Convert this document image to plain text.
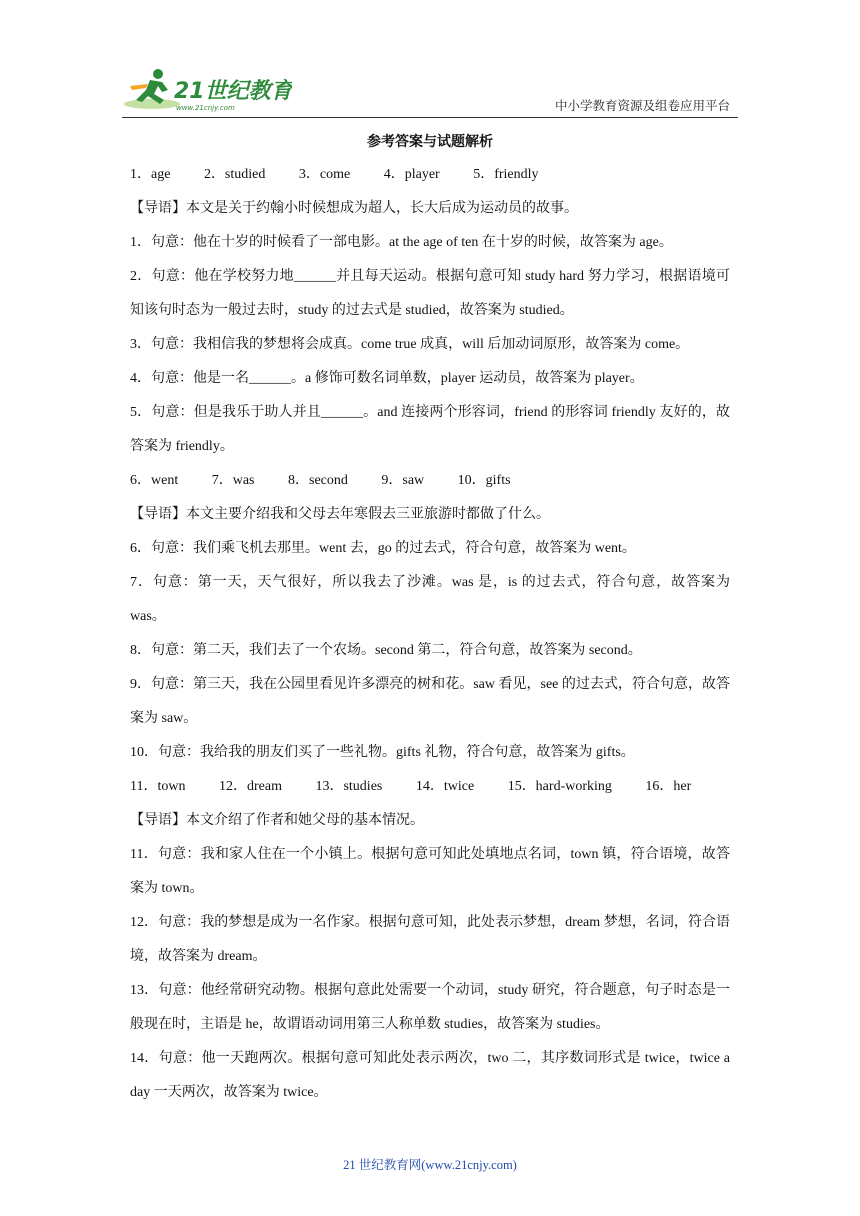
21世纪教育
www.21cnjy.com	中小学教育资源及组卷应用平台
参考答案与试题解析
1．age 2．studied 3．come 4．player 5．friendly
【导语】本文是关于约翰小时候想成为超人，长大后成为运动员的故事。
1．句意：他在十岁的时候看了一部电影。at the age of ten 在十岁的时候，故答案为 age。
2．句意：他在学校努力地______并且每天运动。根据句意可知 study hard 努力学习，根据语境可知该句时态为一般过去时，study 的过去式是 studied，故答案为 studied。
3．句意：我相信我的梦想将会成真。come true 成真，will 后加动词原形，故答案为 come。
4．句意：他是一名______。a 修饰可数名词单数，player 运动员，故答案为 player。
5．句意：但是我乐于助人并且______。and 连接两个形容词，friend 的形容词 friendly 友好的，故答案为 friendly。
6．went 7．was 8．second 9．saw 10．gifts
【导语】本文主要介绍我和父母去年寒假去三亚旅游时都做了什么。
6．句意：我们乘飞机去那里。went 去，go 的过去式，符合句意，故答案为 went。
7．句意：第一天，天气很好，所以我去了沙滩。was 是，is 的过去式，符合句意，故答案为 was。
8．句意：第二天，我们去了一个农场。second 第二，符合句意，故答案为 second。
9．句意：第三天，我在公园里看见许多漂亮的树和花。saw 看见，see 的过去式，符合句意，故答案为 saw。
10．句意：我给我的朋友们买了一些礼物。gifts 礼物，符合句意，故答案为 gifts。
11．town 12．dream 13．studies 14．twice 15．hard-working 16．her
【导语】本文介绍了作者和她父母的基本情况。
11．句意：我和家人住在一个小镇上。根据句意可知此处填地点名词，town 镇，符合语境，故答案为 town。
12．句意：我的梦想是成为一名作家。根据句意可知，此处表示梦想，dream 梦想，名词，符合语境，故答案为 dream。
13．句意：他经常研究动物。根据句意此处需要一个动词，study 研究，符合题意，句子时态是一般现在时，主语是 he，故谓语动词用第三人称单数 studies，故答案为 studies。
14．句意：他一天跑两次。根据句意可知此处表示两次，two 二，其序数词形式是 twice，twice a day 一天两次，故答案为 twice。
21 世纪教育网(www.21cnjy.com)
